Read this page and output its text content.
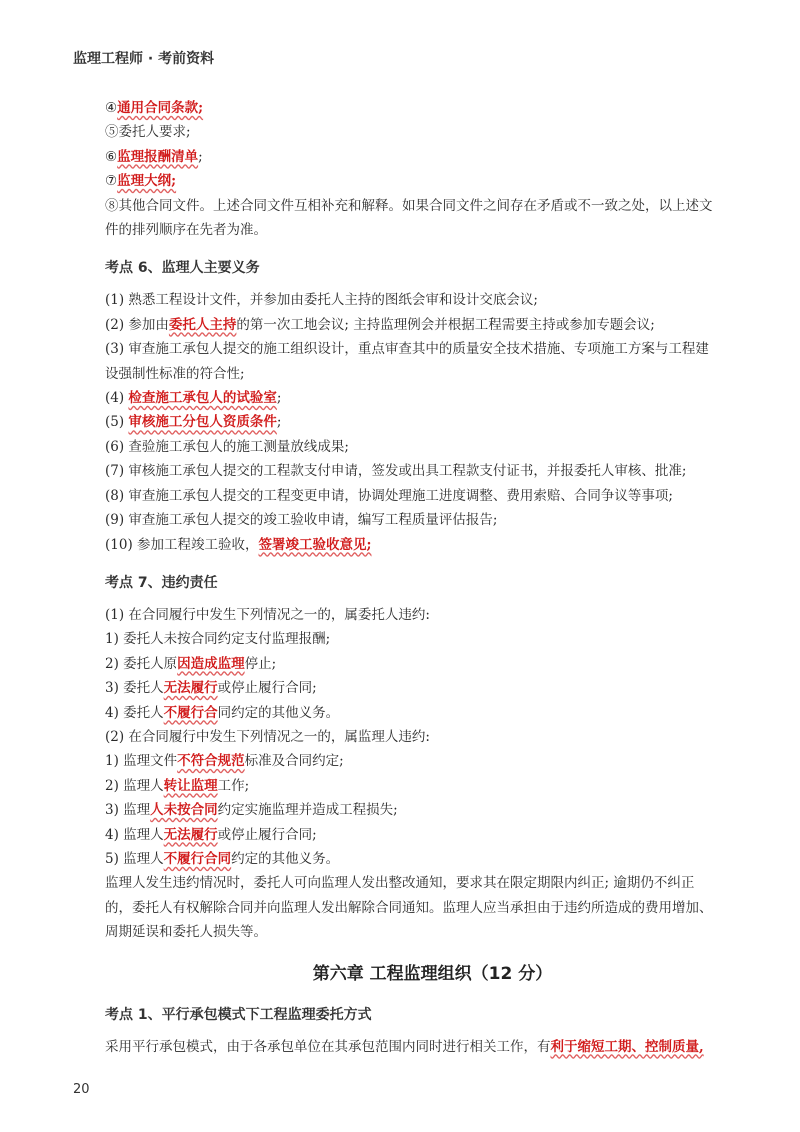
监理工程师 · 考前资料
④通用合同条款;
⑤委托人要求;
⑥监理报酬清单;
⑦监理大纲;
⑧其他合同文件。上述合同文件互相补充和解释。如果合同文件之间存在矛盾或不一致之处，以上述文件的排列顺序在先者为准。
考点 6、监理人主要义务
(1) 熟悉工程设计文件，并参加由委托人主持的图纸会审和设计交底会议;
(2) 参加由委托人主持的第一次工地会议; 主持监理例会并根据工程需要主持或参加专题会议;
(3) 审查施工承包人提交的施工组织设计，重点审查其中的质量安全技术措施、专项施工方案与工程建设强制性标准的符合性;
(4) 检查施工承包人的试验室;
(5) 审核施工分包人资质条件;
(6) 查验施工承包人的施工测量放线成果;
(7) 审核施工承包人提交的工程款支付申请，签发或出具工程款支付证书，并报委托人审核、批准;
(8) 审查施工承包人提交的工程变更申请，协调处理施工进度调整、费用索赔、合同争议等事项;
(9) 审查施工承包人提交的竣工验收申请，编写工程质量评估报告;
(10) 参加工程竣工验收，签署竣工验收意见;
考点 7、违约责任
(1) 在合同履行中发生下列情况之一的，属委托人违约:
1) 委托人未按合同约定支付监理报酬;
2) 委托人原因造成监理停止;
3) 委托人无法履行或停止履行合同;
4) 委托人不履行合同约定的其他义务。
(2) 在合同履行中发生下列情况之一的，属监理人违约:
1) 监理文件不符合规范标准及合同约定;
2) 监理人转让监理工作;
3) 监理人未按合同约定实施监理并造成工程损失;
4) 监理人无法履行或停止履行合同;
5) 监理人不履行合同约定的其他义务。
监理人发生违约情况时，委托人可向监理人发出整改通知，要求其在限定期限内纠正; 逾期仍不纠正的，委托人有权解除合同并向监理人发出解除合同通知。监理人应当承担由于违约所造成的费用增加、周期延误和委托人损失等。
第六章 工程监理组织（12 分）
考点 1、平行承包模式下工程监理委托方式
采用平行承包模式，由于各承包单位在其承包范围内同时进行相关工作，有利于缩短工期、控制质量,
20
